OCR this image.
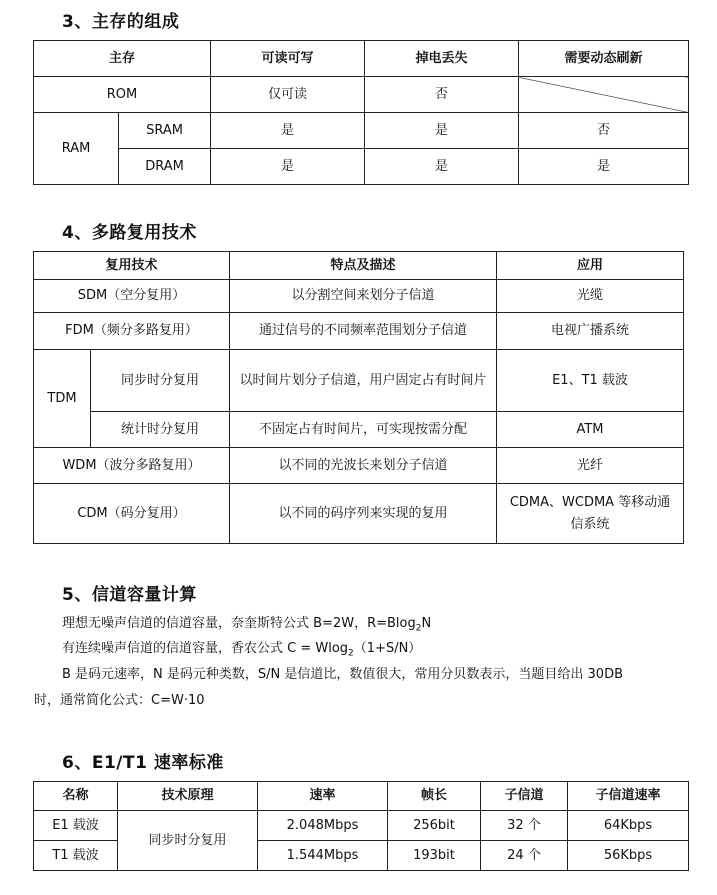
3、主存的组成
主存		可读可写	掉电丢失	需要动态刷新
ROM		仅可读	否	
RAM	SRAM	是	是	否
	DRAM	是	是	是
4、多路复用技术
复用技术		特点及描述	应用
SDM（空分复用）		以分割空间来划分子信道	光缆
FDM（频分多路复用）		通过信号的不同频率范围划分子信道	电视广播系统
TDM	同步时分复用	以时间片划分子信道，用户固定占有时间片	E1、T1 载波
	统计时分复用	不固定占有时间片，可实现按需分配	ATM
WDM（波分多路复用）		以不同的光波长来划分子信道	光纤
CDM（码分复用）		以不同的码序列来实现的复用	CDMA、WCDMA 等移动通信系统
5、信道容量计算

理想无噪声信道的信道容量，奈奎斯特公式 B=2W，R=Blog$_2$N

有连续噪声信道的信道容量，香农公式 C = Wlog$_2$（1+S/N）

B 是码元速率，N 是码元种类数，S/N 是信道比，数值很大，常用分贝数表示，当题目给出 30DB

时，通常简化公式：C=W·10

6、E1/T1 速率标准
名称	技术原理	速率	帧长	子信道	子信道速率
E1 载波	同步时分复用	2.048Mbps	256bit	32 个	64Kbps
T1 载波		1.544Mbps	193bit	24 个	56Kbps
